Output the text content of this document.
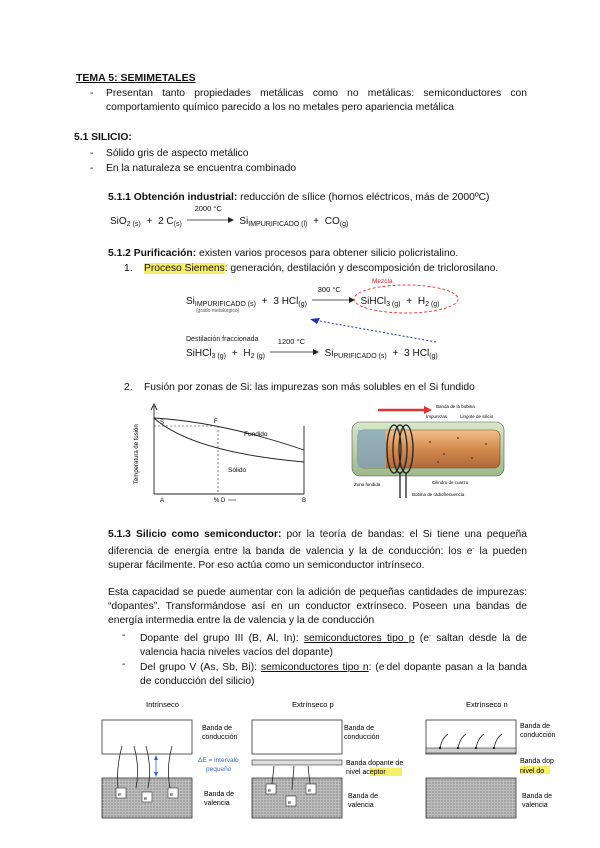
TEMA 5: SEMIMETALES
- Presentan tanto propiedades metálicas como no metálicas: semiconductores con comportamiento químico parecido a los no metales pero apariencia metálica
5.1 SILICIO:
- Sólido gris de aspecto metálico
- En la naturaleza se encuentra combinado
5.1.1 Obtención industrial: reducción de sílice (hornos eléctricos, más de 2000ºC)
SiO$_{2 (s)}$ + 2 $C_{(s)}$
2000 °C
$Si_{IMPURIFICADO (l)} + CO_{(g)}$
5.1.2 Purificación: existen varios procesos para obtener silicio policristalino.
1. Proceso Siemens: generación, destilación y descomposición de triclorosilano.
$Si_{IMPURIFICADO (s)} + 3$ HCl$_{(g)}$
300 °C
SiHCl$_{3 (g)}$ + $H_{2 (g)}$
(grado metalúrgico)
Mezcla
Destilación fraccionada
SiHCl$_{3 (g)}$ + $H_{2 (g)}$
1200 °C
$Si_{PURIFICADO (s)} + 3$ HCl$_{(g)}$
2. Fusión por zonas de Si: las impurezas son más solubles en el Si fundido
Temperatura de fusión
S	F
Fundido
Sólido
A	% D	B
Banda de la bobina
Impurezas	Lingote de silicio
Cilindro de cuarzo
Zona fundida
Bobina de radiofrecuencia
5.1.3 Silicio como semiconductor: por la teoría de bandas: el Si tiene una pequeña diferencia de energía entre la banda de valencia y la de conducción: los e- la pueden superar fácilmente. Por eso actúa como un semiconductor intrínseco.
Esta capacidad se puede aumentar con la adición de pequeñas cantidades de impurezas: “dopantes”. Transformándose así en un conductor extrínseco. Poseen una bandas de energía intermedia entre la de valencia y la de conducción
- Dopante del grupo III (B, Al, In): semiconductores tipo p (e- saltan desde la de valencia hacia niveles vacíos del dopante)
- Del grupo V (As, Sb, Bi): semiconductores tipo n: (e-del dopante pasan a la banda de conducción del silicio)
Intrínseco
e
e
e
Banda de
conducción
ΔE = intervalo
pequeño
Banda de
valencia
Extrínseco p
e
e
e
Banda de
conducción
Banda dopante de
nivel aceptor
Banda de
valencia
Extrínseco n
Banda de
conducción
Banda dop
nivel do
Banda de
valencia
